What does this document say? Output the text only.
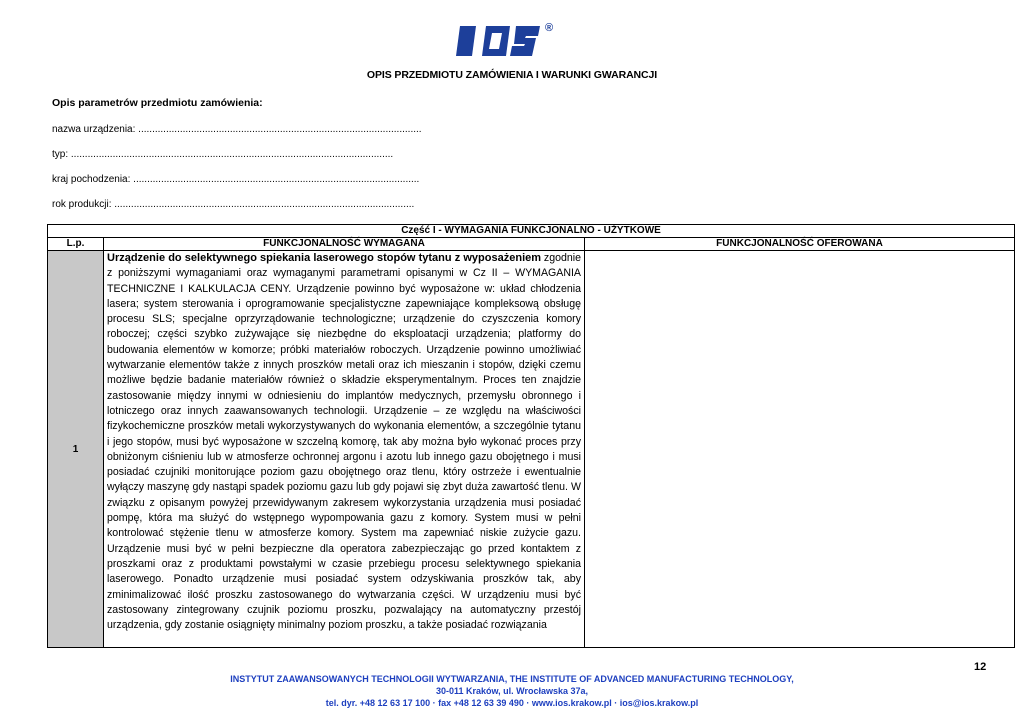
®
OPIS PRZEDMIOTU ZAMÓWIENIA I WARUNKI GWARANCJI
Opis parametrów przedmiotu zamówienia:
nazwa urządzenia: ......................................................................................................
typ: ....................................................................................................................
kraj pochodzenia: .......................................................................................................
rok produkcji: ............................................................................................................
Część I - WYMAGANIA FUNKCJONALNO - UŻYTKOWE		
L.p.	FUNKCJONALNOŚĆ WYMAGANA	FUNKCJONALNOŚĆ OFEROWANA
1	Urządzenie do selektywnego spiekania laserowego stopów tytanu z wyposażeniem zgodnie z poniższymi wymaganiami oraz wymaganymi parametrami opisanymi w Cz II – WYMAGANIA TECHNICZNE I KALKULACJA CENY. Urządzenie powinno być wyposażone w: układ chłodzenia lasera; system sterowania i oprogramowanie specjalistyczne zapewniające kompleksową obsługę procesu SLS; specjalne oprzyrządowanie technologiczne; urządzenie do czyszczenia komory roboczej; części szybko zużywające się niezbędne do eksploatacji urządzenia; platformy do budowania elementów w komorze; próbki materiałów roboczych. Urządzenie powinno umożliwiać wytwarzanie elementów także z innych proszków metali oraz ich mieszanin i stopów, dzięki czemu możliwe będzie badanie materiałów również o składzie eksperymentalnym. Proces ten znajdzie zastosowanie między innymi w odniesieniu do implantów medycznych, przemysłu obronnego i lotniczego oraz innych zaawansowanych technologii. Urządzenie – ze względu na właściwości fizykochemiczne proszków metali wykorzystywanych do wykonania elementów, a szczególnie tytanu i jego stopów, musi być wyposażone w szczelną komorę, tak aby można było wykonać proces przy obniżonym ciśnieniu lub w atmosferze ochronnej argonu i azotu lub innego gazu obojętnego i musi posiadać czujniki monitorujące poziom gazu obojętnego oraz tlenu, który ostrzeże i ewentualnie wyłączy maszynę gdy nastąpi spadek poziomu gazu lub gdy pojawi się zbyt duża zawartość tlenu. W związku z opisanym powyżej przewidywanym zakresem wykorzystania urządzenia musi posiadać pompę, która ma służyć do wstępnego wypompowania gazu z komory. System musi w pełni kontrolować stężenie tlenu w atmosferze komory. System ma zapewniać niskie zużycie gazu. Urządzenie musi być w pełni bezpieczne dla operatora zabezpieczając go przed kontaktem z proszkami oraz z produktami powstałymi w czasie przebiegu procesu selektywnego spiekania laserowego. Ponadto urządzenie musi posiadać system odzyskiwania proszków tak, aby zminimalizować ilość proszku zastosowanego do wytwarzania części. W urządzeniu musi być zastosowany zintegrowany czujnik poziomu proszku, pozwalający na automatyczny przestój urządzenia, gdy zostanie osiągnięty minimalny poziom proszku, a także posiadać rozwiązania	
12
INSTYTUT ZAAWANSOWANYCH TECHNOLOGII WYTWARZANIA, THE INSTITUTE OF ADVANCED MANUFACTURING TECHNOLOGY,
30-011 Kraków, ul. Wrocławska 37a,
tel. dyr. +48 12 63 17 100 · fax +48 12 63 39 490 · www.ios.krakow.pl · ios@ios.krakow.pl
